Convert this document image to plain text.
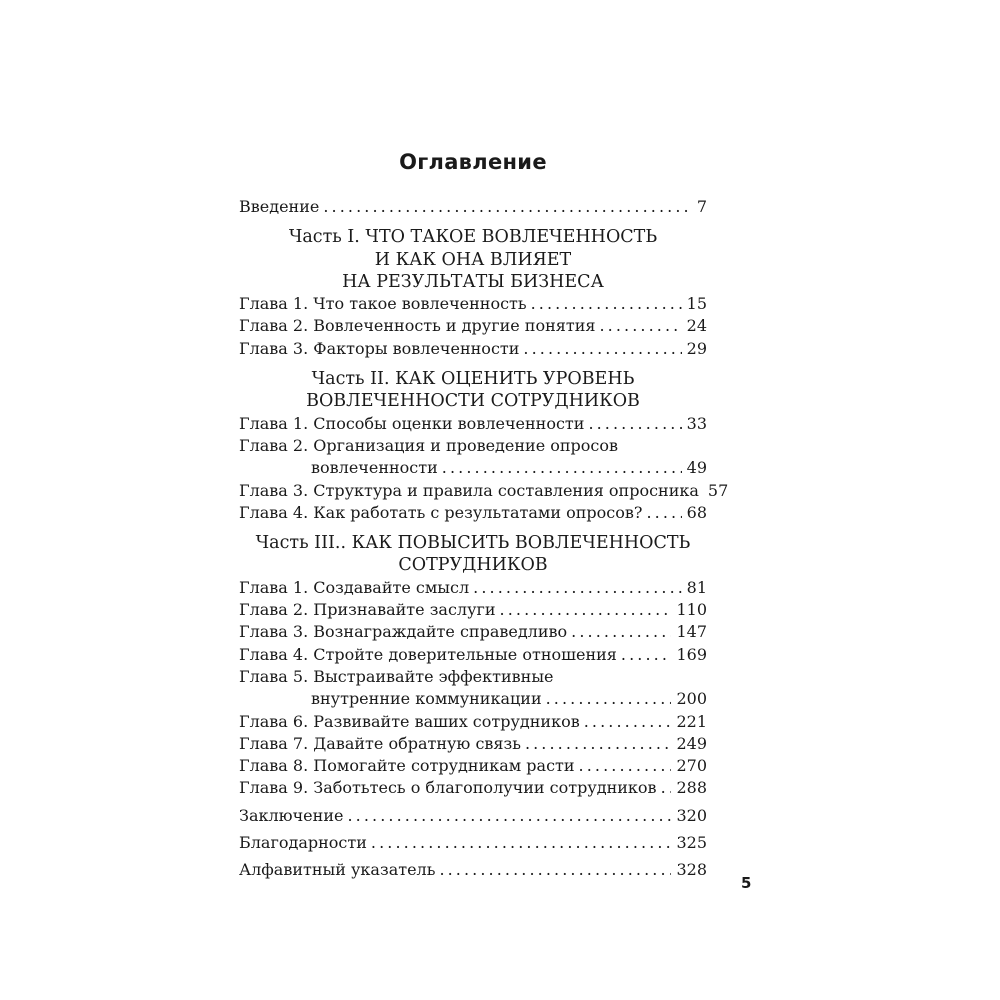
Оглавление
Введение .....	7
Часть I. ЧТО ТАКОЕ ВОВЛЕЧЕННОСТЬ
И КАК ОНА ВЛИЯЕТ
НА РЕЗУЛЬТАТЫ БИЗНЕСА
Глава 1. Что такое вовлеченность .....	15
Глава 2. Вовлеченность и другие понятия .....	24
Глава 3. Факторы вовлеченности .....	29
Часть II. КАК ОЦЕНИТЬ УРОВЕНЬ
ВОВЛЕЧЕННОСТИ СОТРУДНИКОВ
Глава 1. Способы оценки вовлеченности .....	33
Глава 2. Организация и проведение опросов
вовлеченности .....	49
Глава 3. Структура и правила составления опросника 57
Глава 4. Как работать с результатами опросов? .....	68
Часть III.. КАК ПОВЫСИТЬ ВОВЛЕЧЕННОСТЬ
СОТРУДНИКОВ
Глава 1. Создавайте смысл .....	81
Глава 2. Признавайте заслуги .....	110
Глава 3. Вознаграждайте справедливо .....	147
Глава 4. Стройте доверительные отношения .....	169
Глава 5. Выстраивайте эффективные
внутренние коммуникации .....	200
Глава 6. Развивайте ваших сотрудников .....	221
Глава 7. Давайте обратную связь .....	249
Глава 8. Помогайте сотрудникам расти .....	270
Глава 9. Заботьтесь о благополучии сотрудников ..... 288
Заключение .....	320
Благодарности .....	325
Алфавитный указатель .....	328
5
